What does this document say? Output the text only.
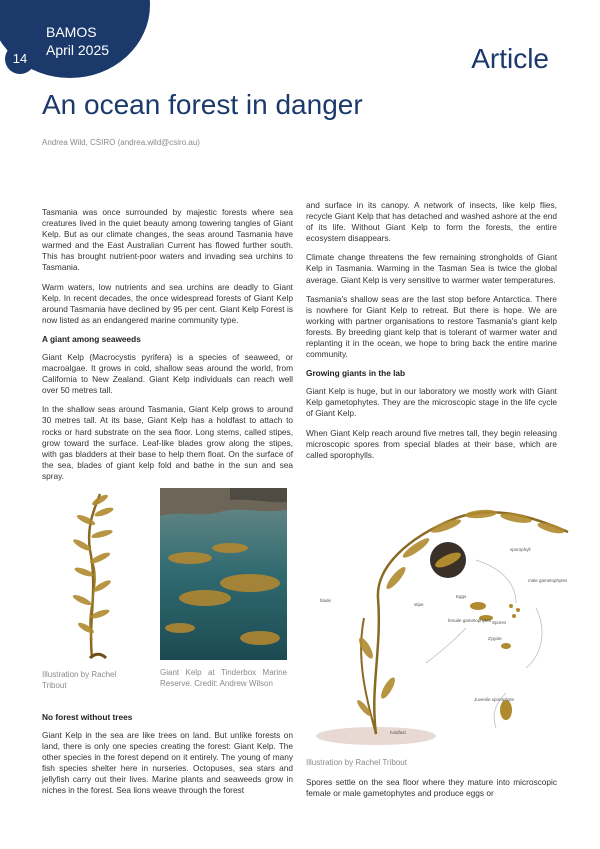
BAMOS
April 2025
14	Article
An ocean forest in danger
Andrea Wild, CSIRO (andrea.wild@csiro.au)

Tasmania was once surrounded by majestic forests where sea creatures lived in the quiet beauty among towering tangles of Giant Kelp. But as our climate changes, the seas around Tasmania have warmed and the East Australian Current has flowed further south. This has brought nutrient-poor waters and invading sea urchins to Tasmania.

Warm waters, low nutrients and sea urchins are deadly to Giant Kelp. In recent decades, the once widespread forests of Giant Kelp around Tasmania have declined by 95 per cent. Giant Kelp Forest is now listed as an endangered marine community type.

A giant among seaweeds

Giant Kelp (Macrocystis pyrifera) is a species of seaweed, or macroalgae. It grows in cold, shallow seas around the world, from California to New Zealand. Giant Kelp individuals can reach well over 50 metres tall.

In the shallow seas around Tasmania, Giant Kelp grows to around 30 metres tall. At its base, Giant Kelp has a holdfast to attach to rocks or hard substrate on the sea floor. Long stems, called stipes, grow toward the surface. Leaf-like blades grow along the stipes, with gas bladders at their base to help them float. On the surface of the sea, blades of giant kelp fold and bathe in the sun and sea spray.

and surface in its canopy. A network of insects, like kelp flies, recycle Giant Kelp that has detached and washed ashore at the end of its life. Without Giant Kelp to form the forests, the entire ecosystem disappears.

Climate change threatens the few remaining strongholds of Giant Kelp in Tasmania. Warming in the Tasman Sea is twice the global average. Giant Kelp is very sensitive to warmer water temperatures.

Tasmania's shallow seas are the last stop before Antarctica. There is nowhere for Giant Kelp to retreat. But there is hope. We are working with partner organisations to restore Tasmania's giant kelp forests. By breeding giant kelp that is tolerant of warmer water and replanting it in the ocean, we hope to bring back the entire marine community.

Growing giants in the lab

Giant Kelp is huge, but in our laboratory we mostly work with Giant Kelp gametophytes. They are the microscopic stage in the life cycle of Giant Kelp.

When Giant Kelp reach around five metres tall, they begin releasing microscopic spores from special blades at their base, which are called sporophylls.

sporophyll
stipe
blade
Eggs
male gametophytes
female gametophytes Spores
Zygote
Juvenile sporophyte
holdfast
Illustration by Rachel Tribout
Giant Kelp at Tinderbox Marine Reserve. Credit: Andrew Wilson
Illustration by Rachel Tribout
No forest without trees

Giant Kelp in the sea are like trees on land. But unlike forests on land, there is only one species creating the forest: Giant Kelp. The other species in the forest depend on it entirely. The young of many fish species shelter here in nurseries. Octopuses, sea stars and jellyfish carry out their lives. Marine plants and seaweeds grow in niches in the forest. Sea lions weave through the forest

Spores settle on the sea floor where they mature into microscopic female or male gametophytes and produce eggs or
